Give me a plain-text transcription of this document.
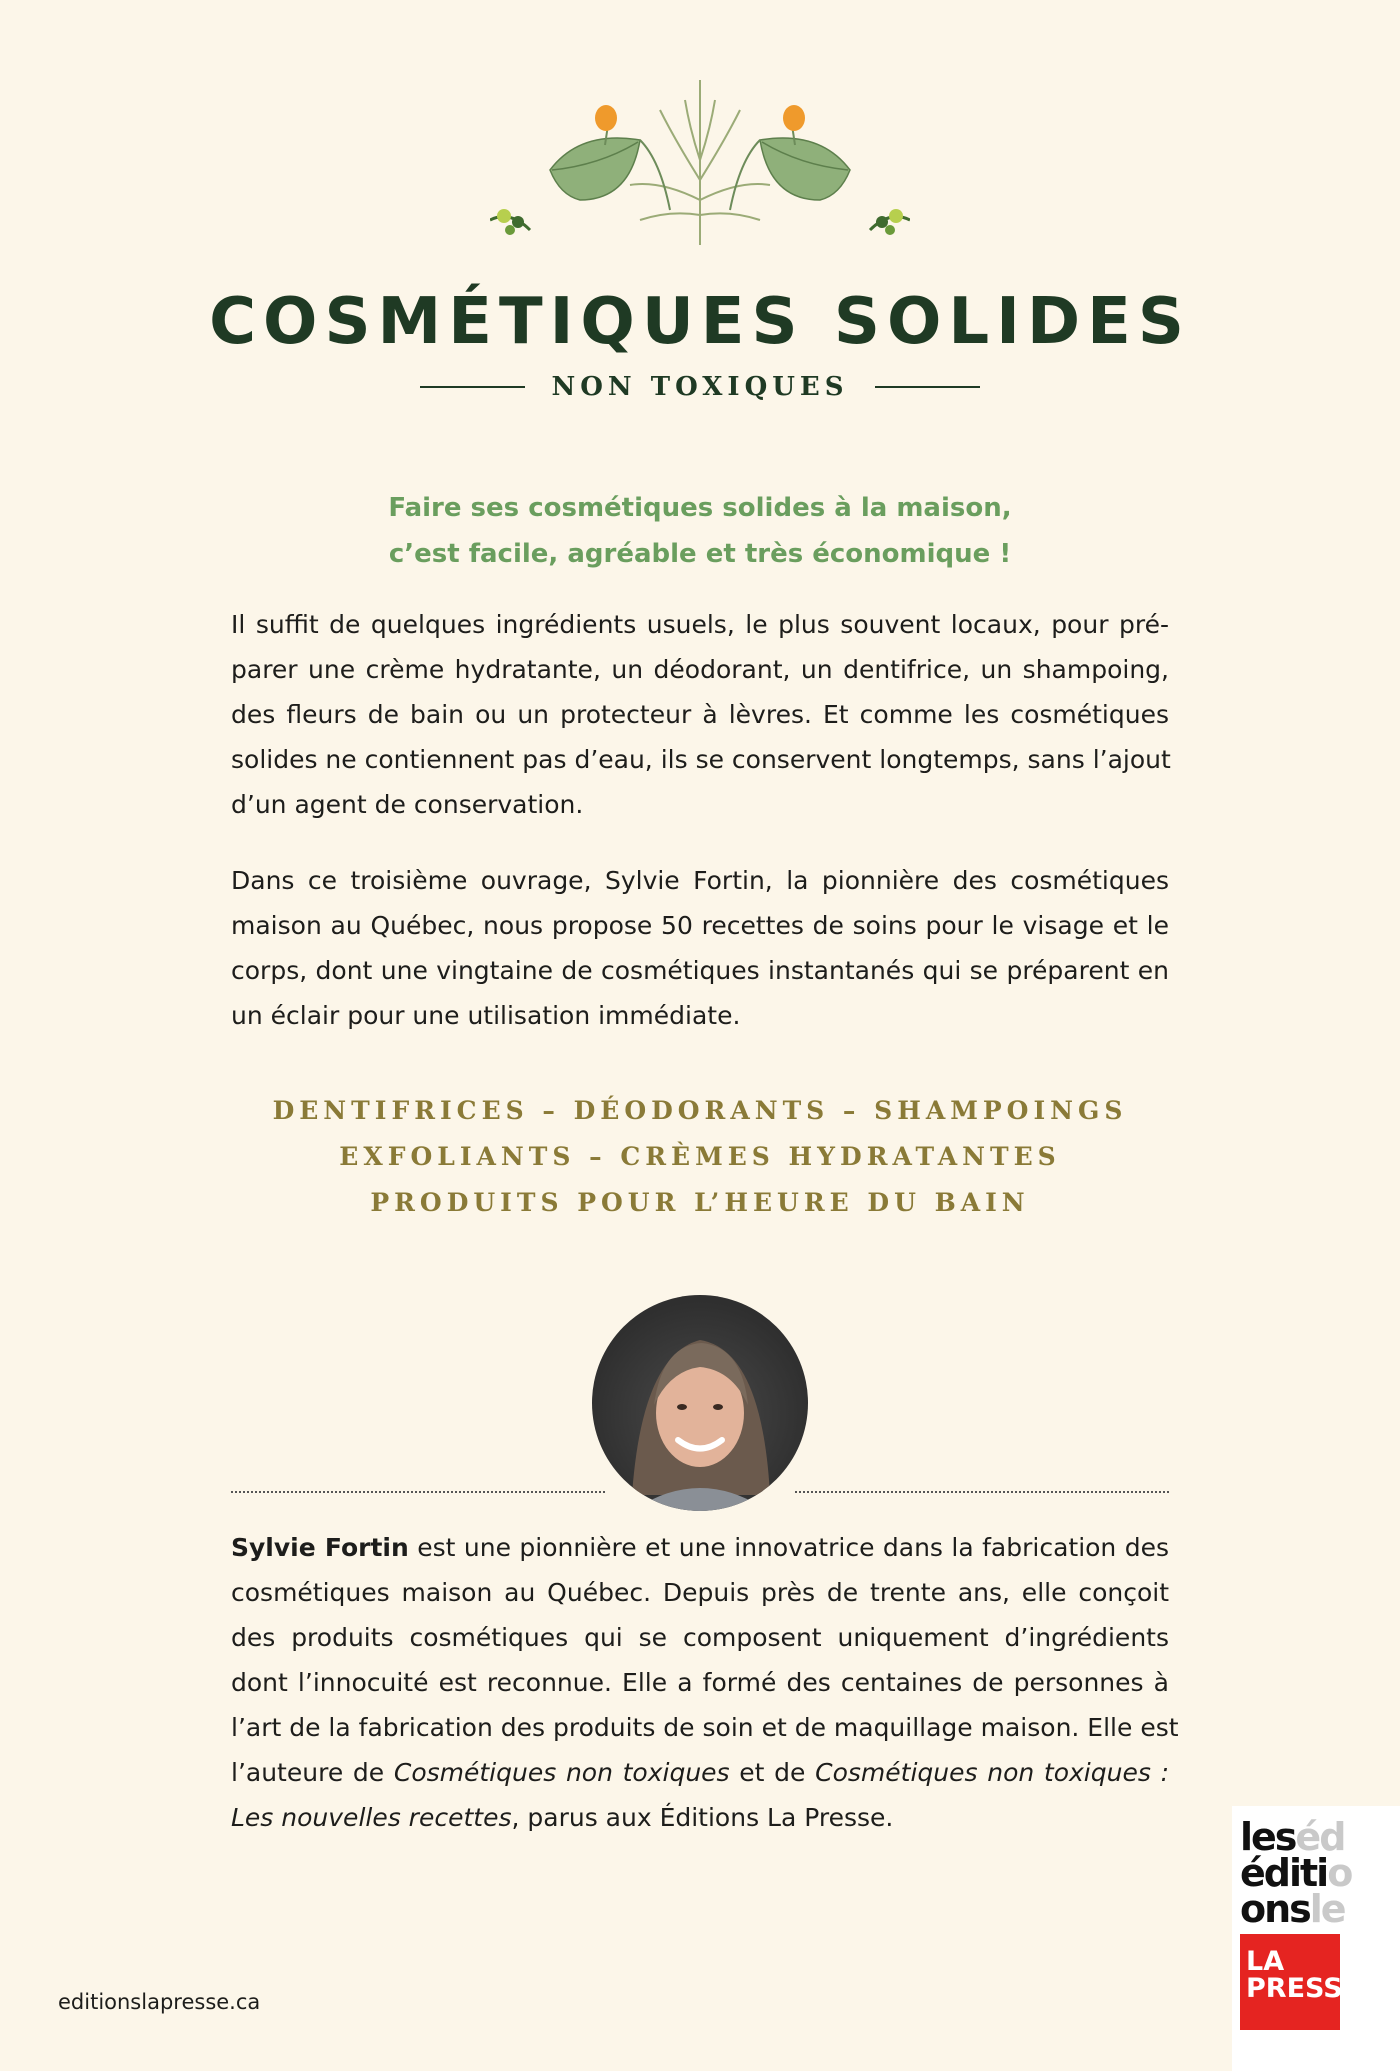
COSMÉTIQUES SOLIDES
NON TOXIQUES
Faire ses cosmétiques solides à la maison,
c’est facile, agréable et très économique !
Il suffit de quelques ingrédients usuels, le plus souvent locaux, pour pré-
parer une crème hydratante, un déodorant, un dentifrice, un shampoing,
des fleurs de bain ou un protecteur à lèvres. Et comme les cosmétiques
solides ne contiennent pas d’eau, ils se conservent longtemps, sans l’ajout
d’un agent de conservation.
Dans ce troisième ouvrage, Sylvie Fortin, la pionnière des cosmétiques
maison au Québec, nous propose 50 recettes de soins pour le visage et le
corps, dont une vingtaine de cosmétiques instantanés qui se préparent en
un éclair pour une utilisation immédiate.
DENTIFRICES – DÉODORANTS – SHAMPOINGS
EXFOLIANTS – CRÈMES HYDRATANTES
PRODUITS POUR L’HEURE DU BAIN
Sylvie Fortin est une pionnière et une innovatrice dans la fabrication des
cosmétiques maison au Québec. Depuis près de trente ans, elle conçoit
des produits cosmétiques qui se composent uniquement d’ingrédients
dont l’innocuité est reconnue. Elle a formé des centaines de personnes à
l’art de la fabrication des produits de soin et de maquillage maison. Elle est
l’auteure de Cosmétiques non toxiques et de Cosmétiques non toxiques :
Les nouvelles recettes, parus aux Éditions La Presse.
editionslapresse.ca
leséd
éditio
onsle
LA
PRESSE
